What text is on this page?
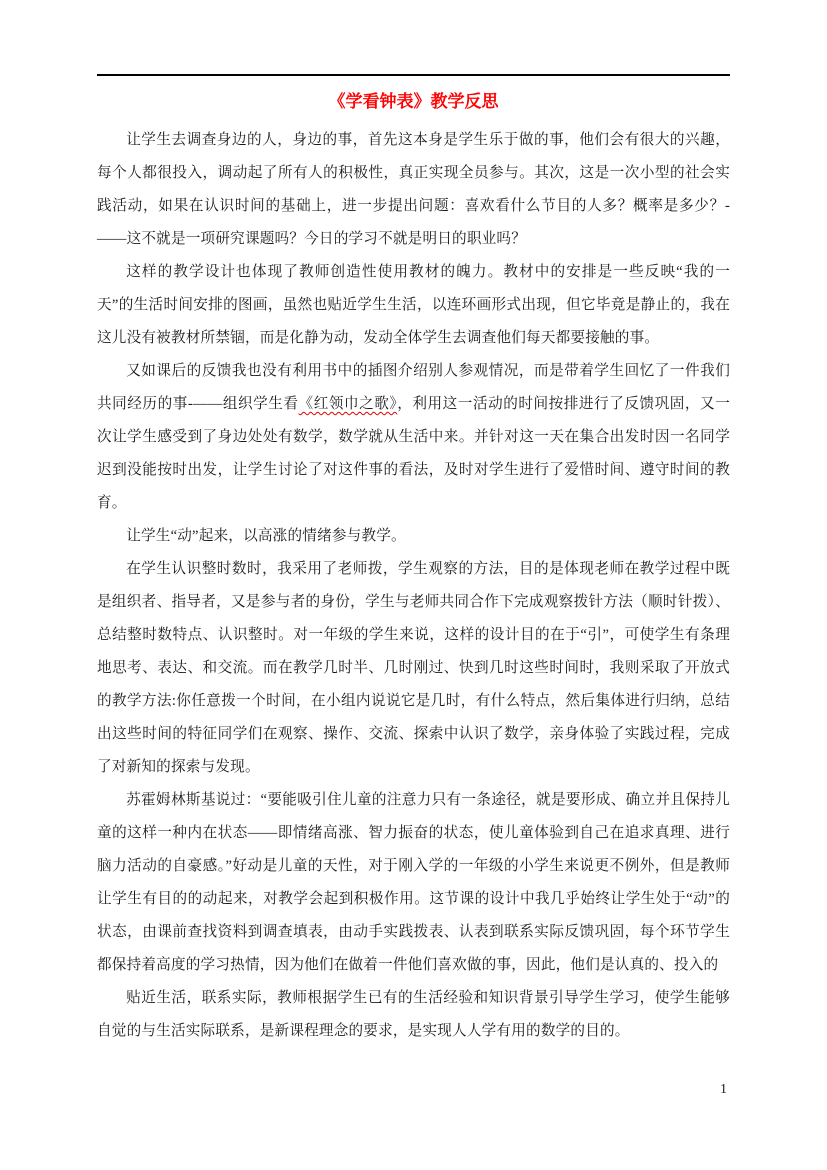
《学看钟表》教学反思

让学生去调查身边的人，身边的事，首先这本身是学生乐于做的事，他们会有很大的兴趣，每个人都很投入，调动起了所有人的积极性，真正实现全员参与。其次，这是一次小型的社会实践活动，如果在认识时间的基础上，进一步提出问题：喜欢看什么节目的人多？概率是多少？-——这不就是一项研究课题吗？今日的学习不就是明日的职业吗？

这样的教学设计也体现了教师创造性使用教材的魄力。教材中的安排是一些反映“我的一天”的生活时间安排的图画，虽然也贴近学生生活，以连环画形式出现，但它毕竟是静止的，我在这儿没有被教材所禁锢，而是化静为动，发动全体学生去调查他们每天都要接触的事。

又如课后的反馈我也没有利用书中的插图介绍别人参观情况，而是带着学生回忆了一件我们共同经历的事-——组织学生看《红领巾之歌》，利用这一活动的时间按排进行了反馈巩固，又一次让学生感受到了身边处处有数学，数学就从生活中来。并针对这一天在集合出发时因一名同学迟到没能按时出发，让学生讨论了对这件事的看法，及时对学生进行了爱惜时间、遵守时间的教育。

让学生“动”起来，以高涨的情绪参与教学。

在学生认识整时数时，我采用了老师拨，学生观察的方法，目的是体现老师在教学过程中既是组织者、指导者，又是参与者的身份，学生与老师共同合作下完成观察拨针方法（顺时针拨）、总结整时数特点、认识整时。对一年级的学生来说，这样的设计目的在于“引”，可使学生有条理地思考、表达、和交流。而在教学几时半、几时刚过、快到几时这些时间时，我则采取了开放式的教学方法:你任意拨一个时间，在小组内说说它是几时，有什么特点，然后集体进行归纳，总结出这些时间的特征同学们在观察、操作、交流、探索中认识了数学，亲身体验了实践过程，完成了对新知的探索与发现。

苏霍姆林斯基说过：“要能吸引住儿童的注意力只有一条途径，就是要形成、确立并且保持儿童的这样一种内在状态——即情绪高涨、智力振奋的状态，使儿童体验到自己在追求真理、进行脑力活动的自豪感。”好动是儿童的天性，对于刚入学的一年级的小学生来说更不例外，但是教师让学生有目的的动起来，对教学会起到积极作用。这节课的设计中我几乎始终让学生处于“动”的状态，由课前查找资料到调查填表，由动手实践拨表、认表到联系实际反馈巩固，每个环节学生都保持着高度的学习热情，因为他们在做着一件他们喜欢做的事，因此，他们是认真的、投入的

贴近生活，联系实际，教师根据学生已有的生活经验和知识背景引导学生学习，使学生能够自觉的与生活实际联系，是新课程理念的要求，是实现人人学有用的数学的目的。

1
